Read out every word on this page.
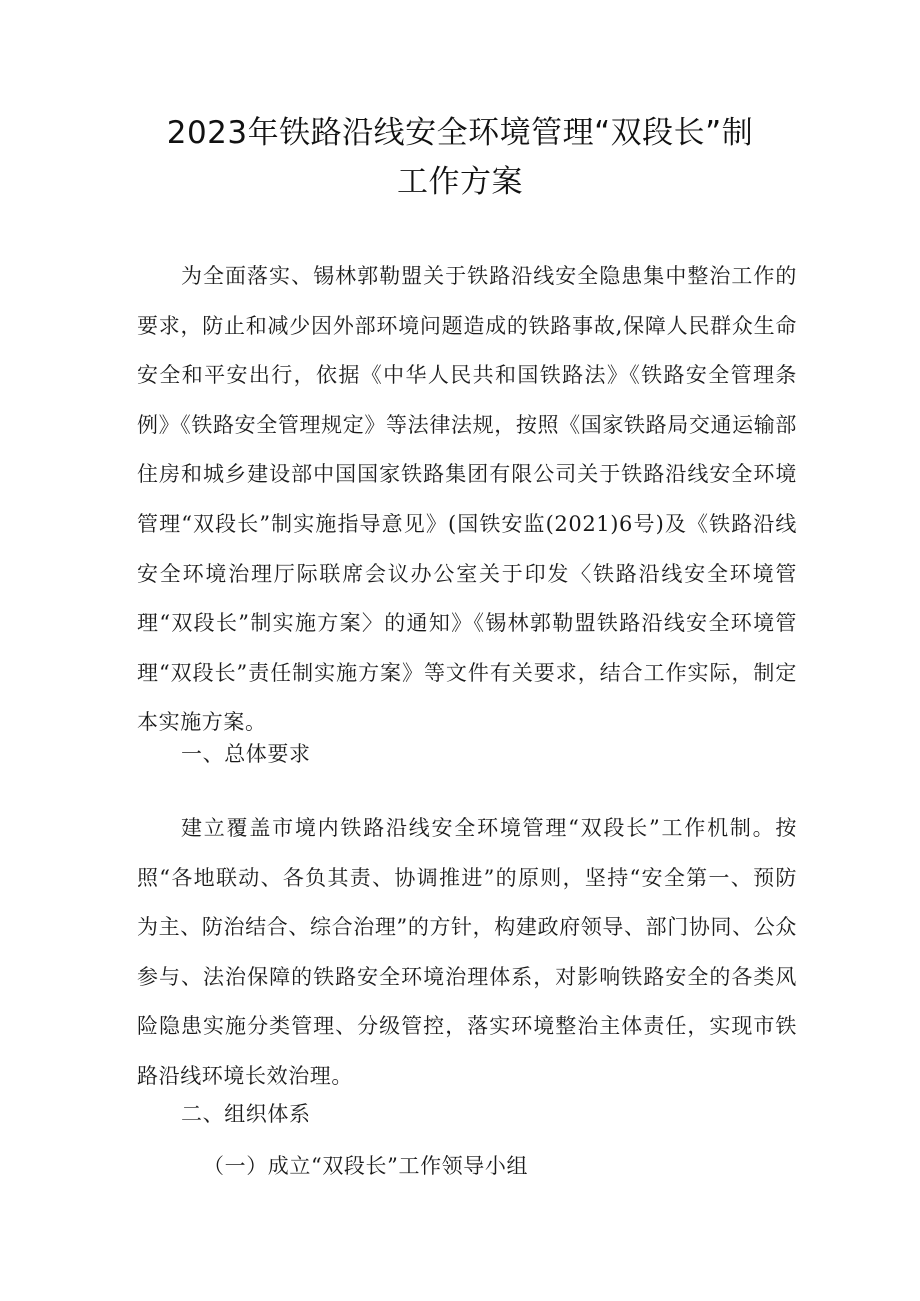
2023年铁路沿线安全环境管理“双段长”制
工作方案
为全面落实、锡林郭勒盟关于铁路沿线安全隐患集中整治工作的要求，防止和减少因外部环境问题造成的铁路事故,保障人民群众生命安全和平安出行，依据《中华人民共和国铁路法》《铁路安全管理条例》《铁路安全管理规定》等法律法规，按照《国家铁路局交通运输部住房和城乡建设部中国国家铁路集团有限公司关于铁路沿线安全环境管理“双段长”制实施指导意见》(国铁安监(2021)6号)及《铁路沿线安全环境治理厅际联席会议办公室关于印发〈铁路沿线安全环境管理“双段长”制实施方案〉的通知》《锡林郭勒盟铁路沿线安全环境管理“双段长”责任制实施方案》等文件有关要求，结合工作实际，制定本实施方案。
一、总体要求
建立覆盖市境内铁路沿线安全环境管理“双段长”工作机制。按照“各地联动、各负其责、协调推进”的原则，坚持“安全第一、预防为主、防治结合、综合治理”的方针，构建政府领导、部门协同、公众参与、法治保障的铁路安全环境治理体系，对影响铁路安全的各类风险隐患实施分类管理、分级管控，落实环境整治主体责任，实现市铁路沿线环境长效治理。
二、组织体系
（一）成立“双段长”工作领导小组
